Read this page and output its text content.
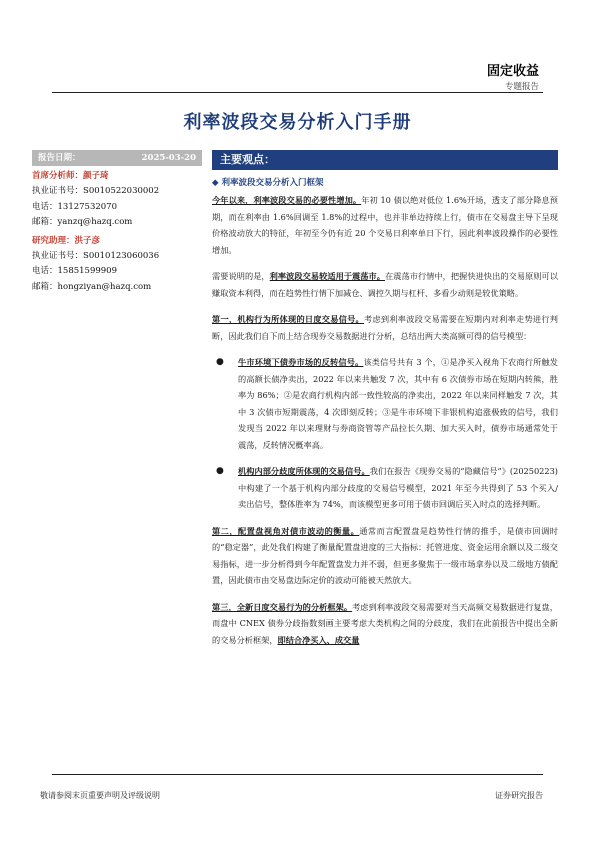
固定收益
专题报告
利率波段交易分析入门手册
报告日期：	2025-03-20
首席分析师：颜子琦
执业证书号：S0010522030002
电话：13127532070
邮箱：yanzq@hazq.com
研究助理：洪子彦
执业证书号：S0010123060036
电话：15851599909
邮箱：hongziyan@hazq.com
主要观点：
◆ 利率波段交易分析入门框架

今年以来，利率波段交易的必要性增加。年初 10 债以绝对低位 1.6%开场，透支了部分降息预期，而在利率由 1.6%回调至 1.8%的过程中，也并非单边持续上行，债市在交易盘主导下呈现价格波动放大的特征，年初至今仍有近 20 个交易日利率单日下行，因此利率波段操作的必要性增加。

需要说明的是，利率波段交易较适用于震荡市。在震荡市行情中，把握快进快出的交易原则可以赚取资本利得，而在趋势性行情下加减仓、调控久期与杠杆、多看少动则是较优策略。

第一，机构行为所体现的日度交易信号。考虑到利率波段交易需要在短期内对利率走势进行判断，因此我们自下而上结合现券交易数据进行分析，总结出两大类高频可得的信号模型：

●	牛市环境下债券市场的反转信号。该类信号共有 3 个，①是净买入视角下农商行所触发的高额长债净卖出，2022 年以来共触发 7 次，其中有 6 次债券市场在短期内转熊，胜率为 86%；②是农商行机构内部一致性较高的净卖出，2022 年以来同样触发 7 次，其中 3 次债市短期震荡，4 次即刻反转；③是牛市环境下非银机构追涨极致的信号，我们发现当 2022 年以来理财与券商资管等产品拉长久期、加大买入时，债券市场通常处于震荡，反转情况概率高。

●	机构内部分歧度所体现的交易信号。我们在报告《现券交易的“隐藏信号”》(20250223)中构建了一个基于机构内部分歧度的交易信号模型，2021 年至今共得到了 53 个买入/卖出信号，整体胜率为 74%，而该模型更多可用于债市回调后买入时点的选择判断。

第二，配置盘视角对债市波动的衡量。通常而言配置盘是趋势性行情的推手，是债市回调时的“稳定器”，此处我们构建了衡量配置盘进度的三大指标：托管进度、资金运用余额以及二级交易指标，进一步分析得到今年配置盘发力并不弱，但更多聚焦于一级市场拿券以及二级地方债配置，因此债市由交易盘边际定价的波动可能被天然放大。

第三，全新日度交易行为的分析框架。考虑到利率波段交易需要对当天高频交易数据进行复盘，而盘中 CNEX 债券分歧指数刻画主要考虑大类机构之间的分歧度，我们在此前报告中提出全新的交易分析框架，即结合净买入、成交量

敬请参阅末页重要声明及评级说明	证券研究报告
